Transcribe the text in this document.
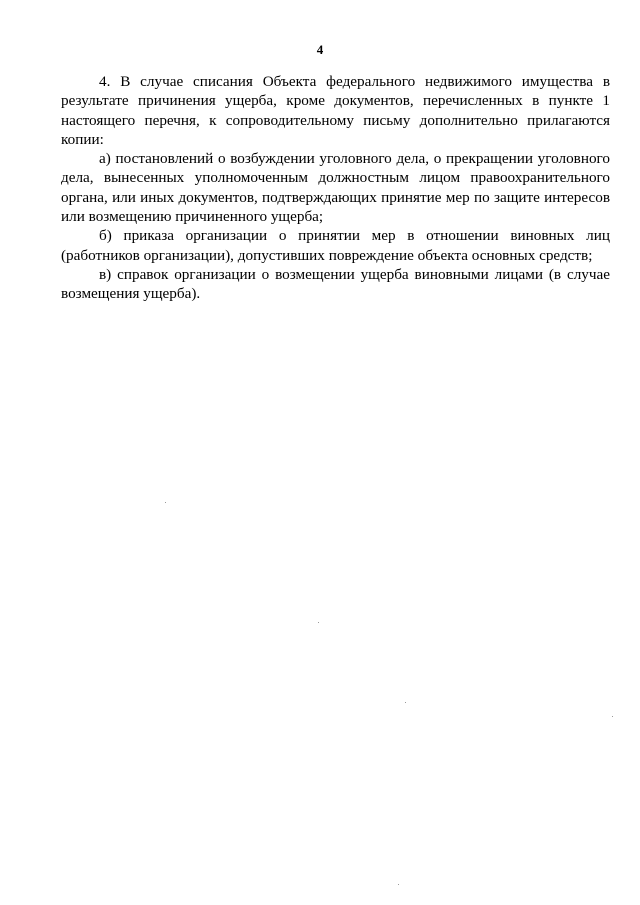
4

4. В случае списания Объекта федерального недвижимого имущества в результате причинения ущерба, кроме документов, перечисленных в пункте 1 настоящего перечня, к сопроводительному письму дополнительно прилагаются копии:

а) постановлений о возбуждении уголовного дела, о прекращении уголовного дела, вынесенных уполномоченным должностным лицом правоохранительного органа, или иных документов, подтверждающих принятие мер по защите интересов или возмещению причиненного ущерба;

б) приказа организации о принятии мер в отношении виновных лиц (работников организации), допустивших повреждение объекта основных средств;

в) справок организации о возмещении ущерба виновными лицами (в случае возмещения ущерба).
